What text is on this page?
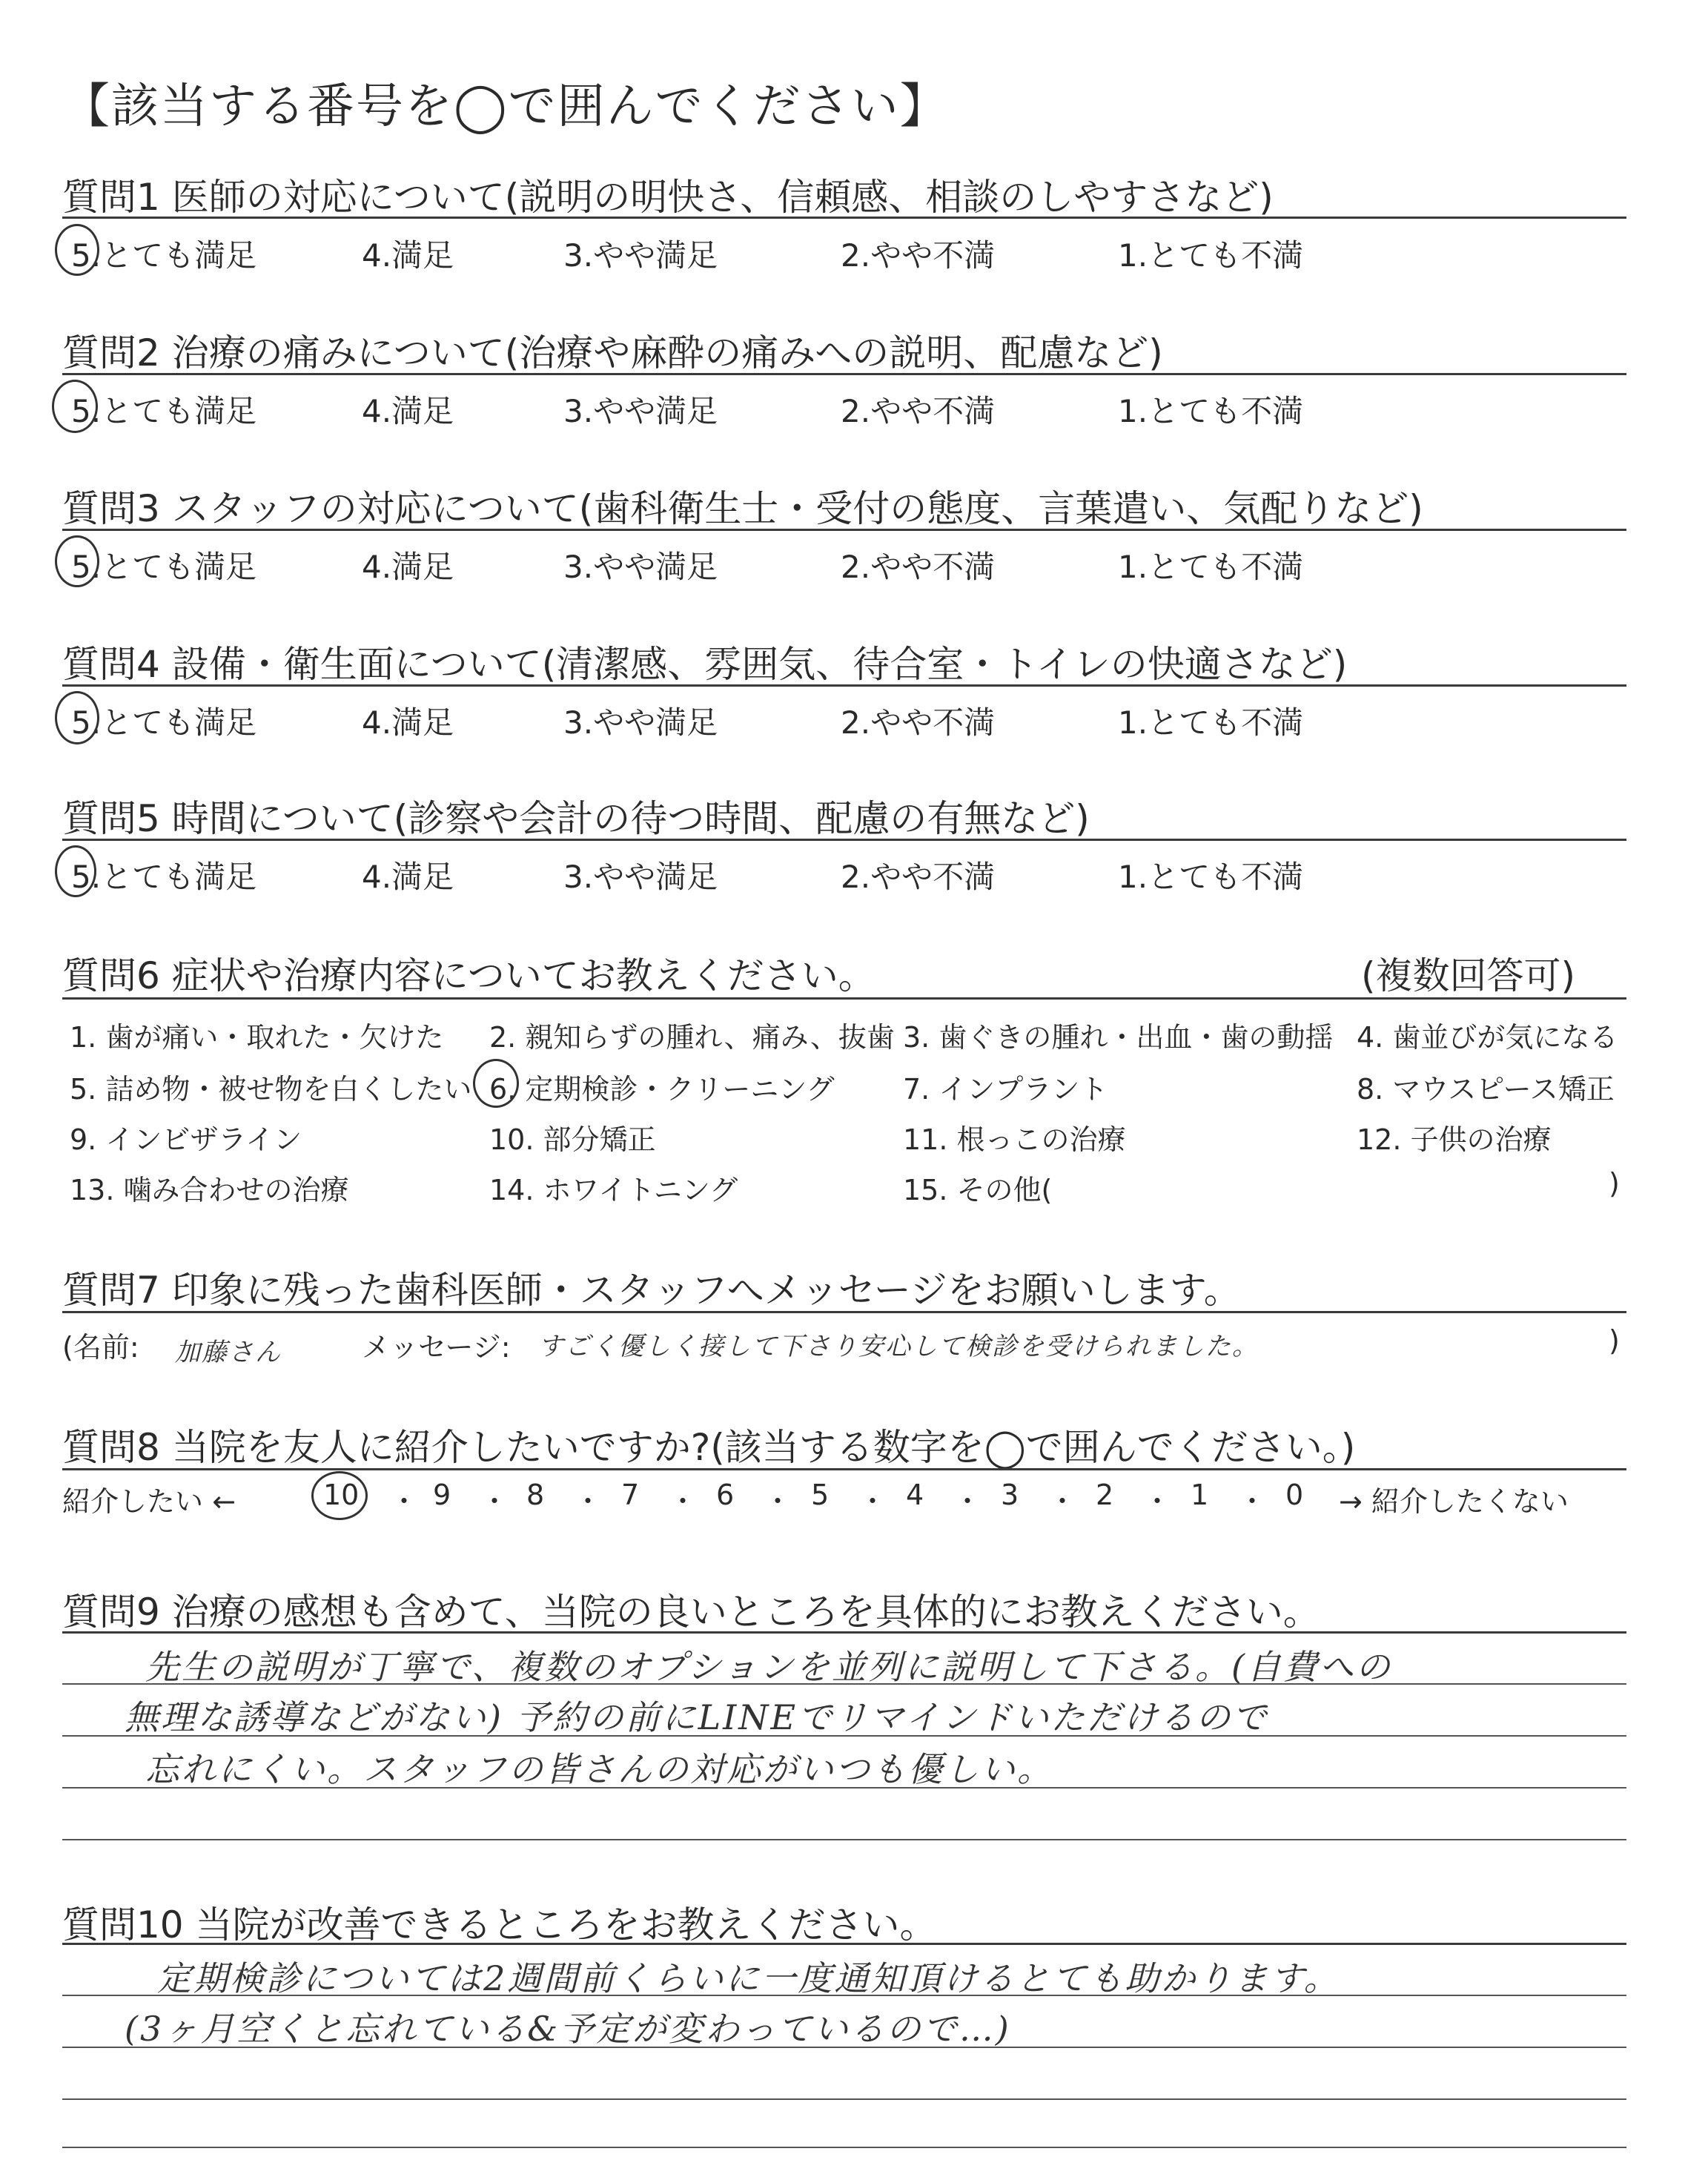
【該当する番号を◯で囲んでください】
質問1 医師の対応について(説明の明快さ、信頼感、相談のしやすさなど)
5.とても満足	4.満足	3.やや満足	2.やや不満	1.とても不満
質問2 治療の痛みについて(治療や麻酔の痛みへの説明、配慮など)
5.とても満足	4.満足	3.やや満足	2.やや不満	1.とても不満
質問3 スタッフの対応について(歯科衛生士・受付の態度、言葉遣い、気配りなど)
5.とても満足	4.満足	3.やや満足	2.やや不満	1.とても不満
質問4 設備・衛生面について(清潔感、雰囲気、待合室・トイレの快適さなど)
5.とても満足	4.満足	3.やや満足	2.やや不満	1.とても不満
質問5 時間について(診察や会計の待つ時間、配慮の有無など)
5.とても満足	4.満足	3.やや満足	2.やや不満	1.とても不満
質問6 症状や治療内容についてお教えください。	(複数回答可)
1. 歯が痛い・取れた・欠けた 2. 親知らずの腫れ、痛み、抜歯 3. 歯ぐきの腫れ・出血・歯の動揺 4. 歯並びが気になる
5. 詰め物・被せ物を白くしたい 6. 定期検診・クリーニング 7. インプラント	8. マウスピース矯正
9. インビザライン	10. 部分矯正	11. 根っこの治療	12. 子供の治療
13. 噛み合わせの治療	14. ホワイトニング	15. その他(	)
質問7 印象に残った歯科医師・スタッフへメッセージをお願いします。
(名前: 加藤さん	メッセージ: すごく優しく接して下さり安心して検診を受けられました。	)
質問8 当院を友人に紹介したいですか?(該当する数字を◯で囲んでください。)
紹介したい ←	10 ・ 9 ・ 8 ・ 7 ・ 6 ・ 5 ・ 4 ・ 3 ・ 2 ・ 1 ・ 0 → 紹介したくない
質問9 治療の感想も含めて、当院の良いところを具体的にお教えください。
先生の説明が丁寧で、複数のオプションを並列に説明して下さる。(自費への
無理な誘導などがない) 予約の前にLINEでリマインドいただけるので
忘れにくい。スタッフの皆さんの対応がいつも優しい。
質問10 当院が改善できるところをお教えください。
定期検診については2週間前くらいに一度通知頂けるとても助かります。
(3ヶ月空くと忘れている&予定が変わっているので…)
